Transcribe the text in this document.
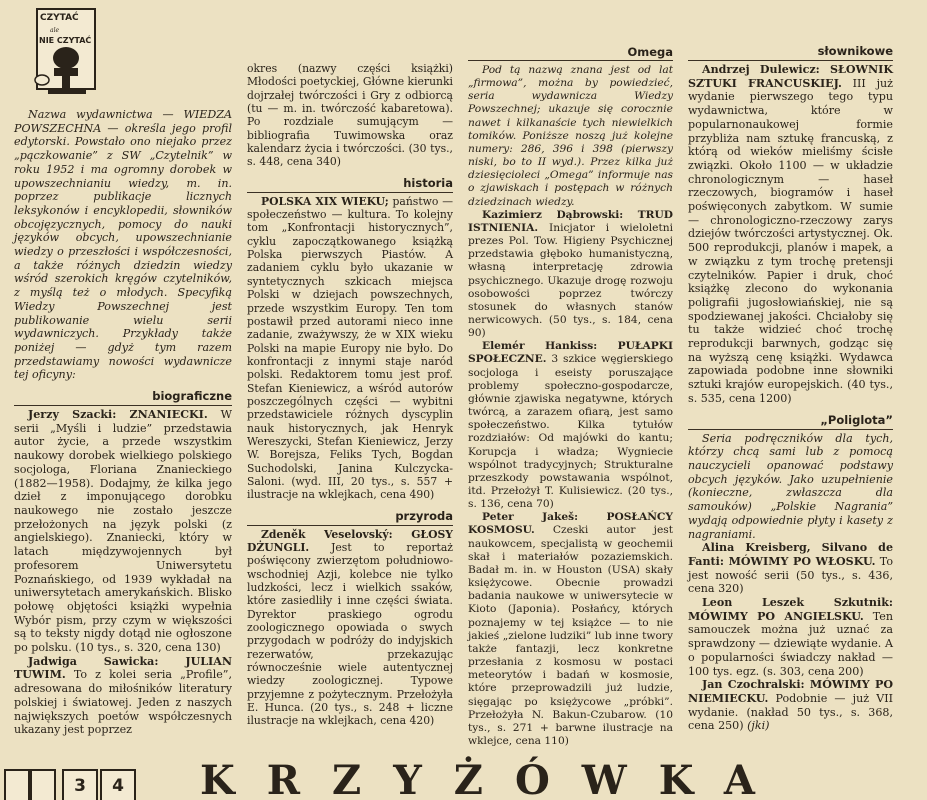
CZYTAĆ
ale
NIE CZYTAĆ

Nazwa wydawnictwa — WIEDZA POWSZECHNA — określa jego profil edytorski. Powstało ono niejako przez „pączkowanie” z SW „Czytelnik” w roku 1952 i ma ogromny dorobek w upowszechnianiu wiedzy, m. in. poprzez publikacje licznych leksykonów i encyklopedii, słowników obcojęzycznych, pomocy do nauki języków obcych, upowszechnianie wiedzy o przeszłości i współczesności, a także różnych dziedzin wiedzy wśród szerokich kręgów czytelników, z myślą też o młodych. Specyfiką Wiedzy Powszechnej jest publikowanie wielu serii wydawniczych. Przykłady także poniżej — gdyż tym razem przedstawiamy nowości wydawnicze tej oficyny:

biograficzne

Jerzy Szacki: ZNANIECKI. W serii „Myśli i ludzie” przedstawia autor życie, a przede wszystkim naukowy dorobek wielkiego polskiego socjologa, Floriana Znanieckiego (1882—1958). Dodajmy, że kilka jego dzieł z imponującego dorobku naukowego nie zostało jeszcze przełożonych na język polski (z angielskiego). Znaniecki, który w latach międzywojennych był profesorem Uniwersytetu Poznańskiego, od 1939 wykładał na uniwersytetach amerykańskich. Blisko połowę objętości książki wypełnia Wybór pism, przy czym w większości są to teksty nigdy dotąd nie ogłoszone po polsku. (10 tys., s. 320, cena 130)

Jadwiga Sawicka: JULIAN TUWIM. To z kolei seria „Profile”, adresowana do miłośników literatury polskiej i światowej. Jeden z naszych największych poetów współczesnych ukazany jest poprzez

okres (nazwy części książki) Młodości poetyckiej, Główne kierunki dojrzałej twórczości i Gry z odbiorcą (tu — m. in. twórczość kabaretowa). Po rozdziale sumującym — bibliografia Tuwimowska oraz kalendarz życia i twórczości. (30 tys., s. 448, cena 340)

historia

POLSKA XIX WIEKU; państwo — społeczeństwo — kultura. To kolejny tom „Konfrontacji historycznych”, cyklu zapoczątkowanego książką Polska pierwszych Piastów. A zadaniem cyklu było ukazanie w syntetycznych szkicach miejsca Polski w dziejach powszechnych, przede wszystkim Europy. Ten tom postawił przed autorami nieco inne zadanie, zważywszy, że w XIX wieku Polski na mapie Europy nie było. Do konfrontacji z innymi staje naród polski. Redaktorem tomu jest prof. Stefan Kieniewicz, a wśród autorów poszczególnych części — wybitni przedstawiciele różnych dyscyplin nauk historycznych, jak Henryk Wereszycki, Stefan Kieniewicz, Jerzy W. Borejsza, Feliks Tych, Bogdan Suchodolski, Janina Kulczycka-Saloni. (wyd. III, 20 tys., s. 557 + ilustracje na wklejkach, cena 490)

przyroda

Zdeněk Veselovský: GŁOSY DŻUNGLI. Jest to reportaż poświęcony zwierzętom południowo-wschodniej Azji, kolebce nie tylko ludzkości, lecz i wielkich ssaków, które zasiedliły i inne części świata. Dyrektor praskiego ogrodu zoologicznego opowiada o swych przygodach w podróży do indyjskich rezerwatów, przekazując równocześnie wiele autentycznej wiedzy zoologicznej. Typowe przyjemne z pożytecznym. Przełożyła E. Hunca. (20 tys., s. 248 + liczne ilustracje na wklejkach, cena 420)

Omega

Pod tą nazwą znana jest od lat „firmowa”, można by powiedzieć, seria wydawnicza Wiedzy Powszechnej; ukazuje się corocznie nawet i kilkanaście tych niewielkich tomików. Poniższe noszą już kolejne numery: 286, 396 i 398 (pierwszy niski, bo to II wyd.). Przez kilka już dziesięcioleci „Omega” informuje nas o zjawiskach i postępach w różnych dziedzinach wiedzy.

Kazimierz Dąbrowski: TRUD ISTNIENIA. Inicjator i wieloletni prezes Pol. Tow. Higieny Psychicznej przedstawia głęboko humanistyczną, własną interpretację zdrowia psychicznego. Ukazuje drogę rozwoju osobowości poprzez twórczy stosunek do własnych stanów nerwicowych. (50 tys., s. 184, cena 90)

Elemér Hankiss: PUŁAPKI SPOŁECZNE. 3 szkice węgierskiego socjologa i eseisty poruszające problemy społeczno-gospodarcze, głównie zjawiska negatywne, których twórcą, a zarazem ofiarą, jest samo społeczeństwo. Kilka tytułów rozdziałów: Od majówki do kantu; Korupcja i władza; Wygniecie wspólnot tradycyjnych; Strukturalne przeszkody powstawania wspólnot, itd. Przełożył T. Kulisiewicz. (20 tys., s. 136, cena 70)

Peter Jakeš: POSŁAŃCY KOSMOSU. Czeski autor jest naukowcem, specjalistą w geochemii skał i materiałów pozaziemskich. Badał m. in. w Houston (USA) skały księżycowe. Obecnie prowadzi badania naukowe w uniwersytecie w Kioto (Japonia). Posłańcy, których poznajemy w tej książce — to nie jakieś „zielone ludziki” lub inne twory także fantazji, lecz konkretne przesłania z kosmosu w postaci meteorytów i badań w kosmosie, które przeprowadzili już ludzie, sięgając po księżycowe „próbki”. Przełożyła N. Bakun-Czubarow. (10 tys., s. 271 + barwne ilustracje na wklejce, cena 110)

słownikowe

Andrzej Dulewicz: SŁOWNIK SZTUKI FRANCUSKIEJ. III już wydanie pierwszego tego typu wydawnictwa, które w popularnonaukowej formie przybliża nam sztukę francuską, z którą od wieków mieliśmy ścisłe związki. Około 1100 — w układzie chronologicznym — haseł rzeczowych, biogramów i haseł poświęconych zabytkom. W sumie — chronologiczno-rzeczowy zarys dziejów twórczości artystycznej. Ok. 500 reprodukcji, planów i mapek, a w związku z tym trochę pretensji czytelników. Papier i druk, choć książkę zlecono do wykonania poligrafii jugosłowiańskiej, nie są spodziewanej jakości. Chciałoby się tu także widzieć choć trochę reprodukcji barwnych, godząc się na wyższą cenę książki. Wydawca zapowiada podobne inne słowniki sztuki krajów europejskich. (40 tys., s. 535, cena 1200)

„Poliglota”

Seria podręczników dla tych, którzy chcą sami lub z pomocą nauczycieli opanować podstawy obcych języków. Jako uzupełnienie (konieczne, zwłaszcza dla samouków) „Polskie Nagrania” wydają odpowiednie płyty i kasety z nagraniami.

Alina Kreisberg, Silvano de Fanti: MÓWIMY PO WŁOSKU. To jest nowość serii (50 tys., s. 436, cena 320)

Leon Leszek Szkutnik: MÓWIMY PO ANGIELSKU. Ten samouczek można już uznać za sprawdzony — dziewiąte wydanie. A o popularności świadczy nakład — 100 tys. egz. (s. 303, cena 200)

Jan Czochralski: MÓWIMY PO NIEMIECKU. Podobnie — już VII wydanie. (nakład 50 tys., s. 368, cena 250) (jki)

3	4	KRZYŻÓWKA
